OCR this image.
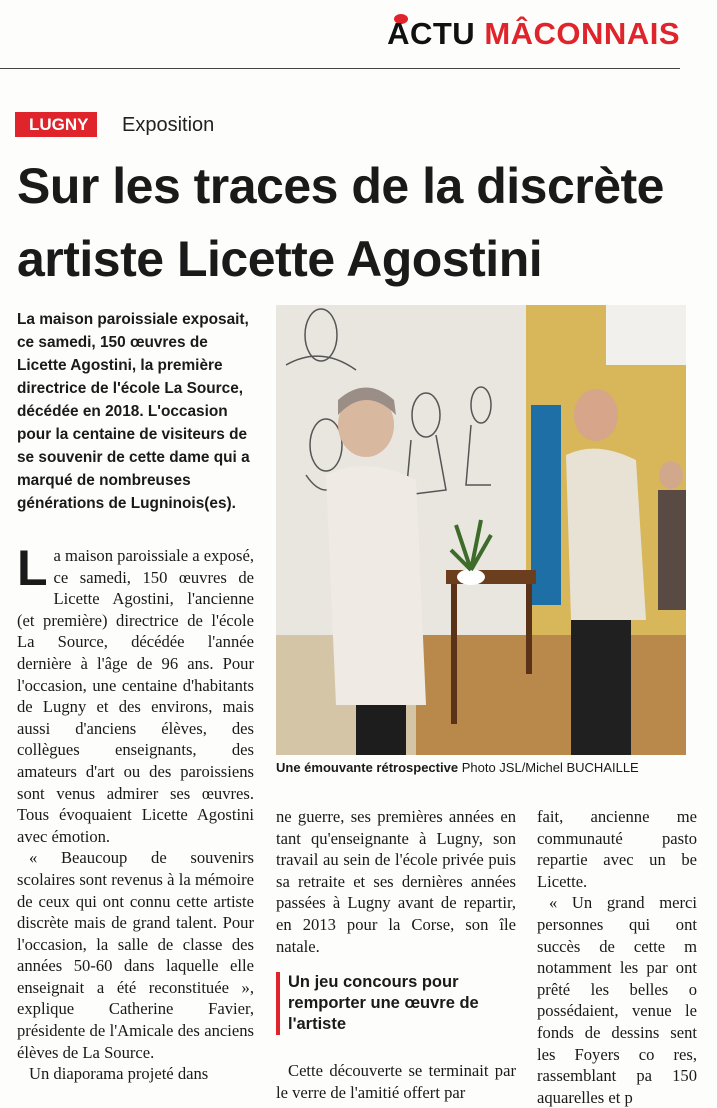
ACTU MÂCONNAIS
LUGNY	Exposition
Sur les traces de la discrète
artiste Licette Agostini
La maison paroissiale exposait, ce samedi, 150 œuvres de Licette Agostini, la première directrice de l'école La Source, décédée en 2018. L'occasion pour la centaine de visiteurs de se souvenir de cette dame qui a marqué de nombreuses générations de Lugninois(es).
Une émouvante rétrospective Photo JSL/Michel BUCHAILLE

La maison paroissiale a exposé, ce samedi, 150 œuvres de Licette Agostini, l'ancienne (et première) directrice de l'école La Source, décédée l'année dernière à l'âge de 96 ans. Pour l'occasion, une centaine d'habitants de Lugny et des environs, mais aussi d'anciens élèves, des collègues enseignants, des amateurs d'art ou des paroissiens sont venus admirer ses œuvres. Tous évoquaient Licette Agostini avec émotion.

« Beaucoup de souvenirs scolaires sont revenus à la mémoire de ceux qui ont connu cette artiste discrète mais de grand talent. Pour l'occasion, la salle de classe des années 50-60 dans laquelle elle enseignait a été reconstituée », explique Catherine Favier, présidente de l'Amicale des anciens élèves de La Source.

Un diaporama projeté dans

ne guerre, ses premières années en tant qu'enseignante à Lugny, son travail au sein de l'école privée puis sa retraite et ses dernières années passées à Lugny avant de repartir, en 2013 pour la Corse, son île natale.

Un jeu concours pour remporter une œuvre de l'artiste

Cette découverte se terminait par le verre de l'amitié offert par

fait, ancienne me communauté pasto repartie avec un be Licette.

« Un grand merci personnes qui ont succès de cette m notamment les par ont prêté les belles o possédaient, venue le fonds de dessins sent les Foyers co res, rassemblant pa 150 aquarelles et p
